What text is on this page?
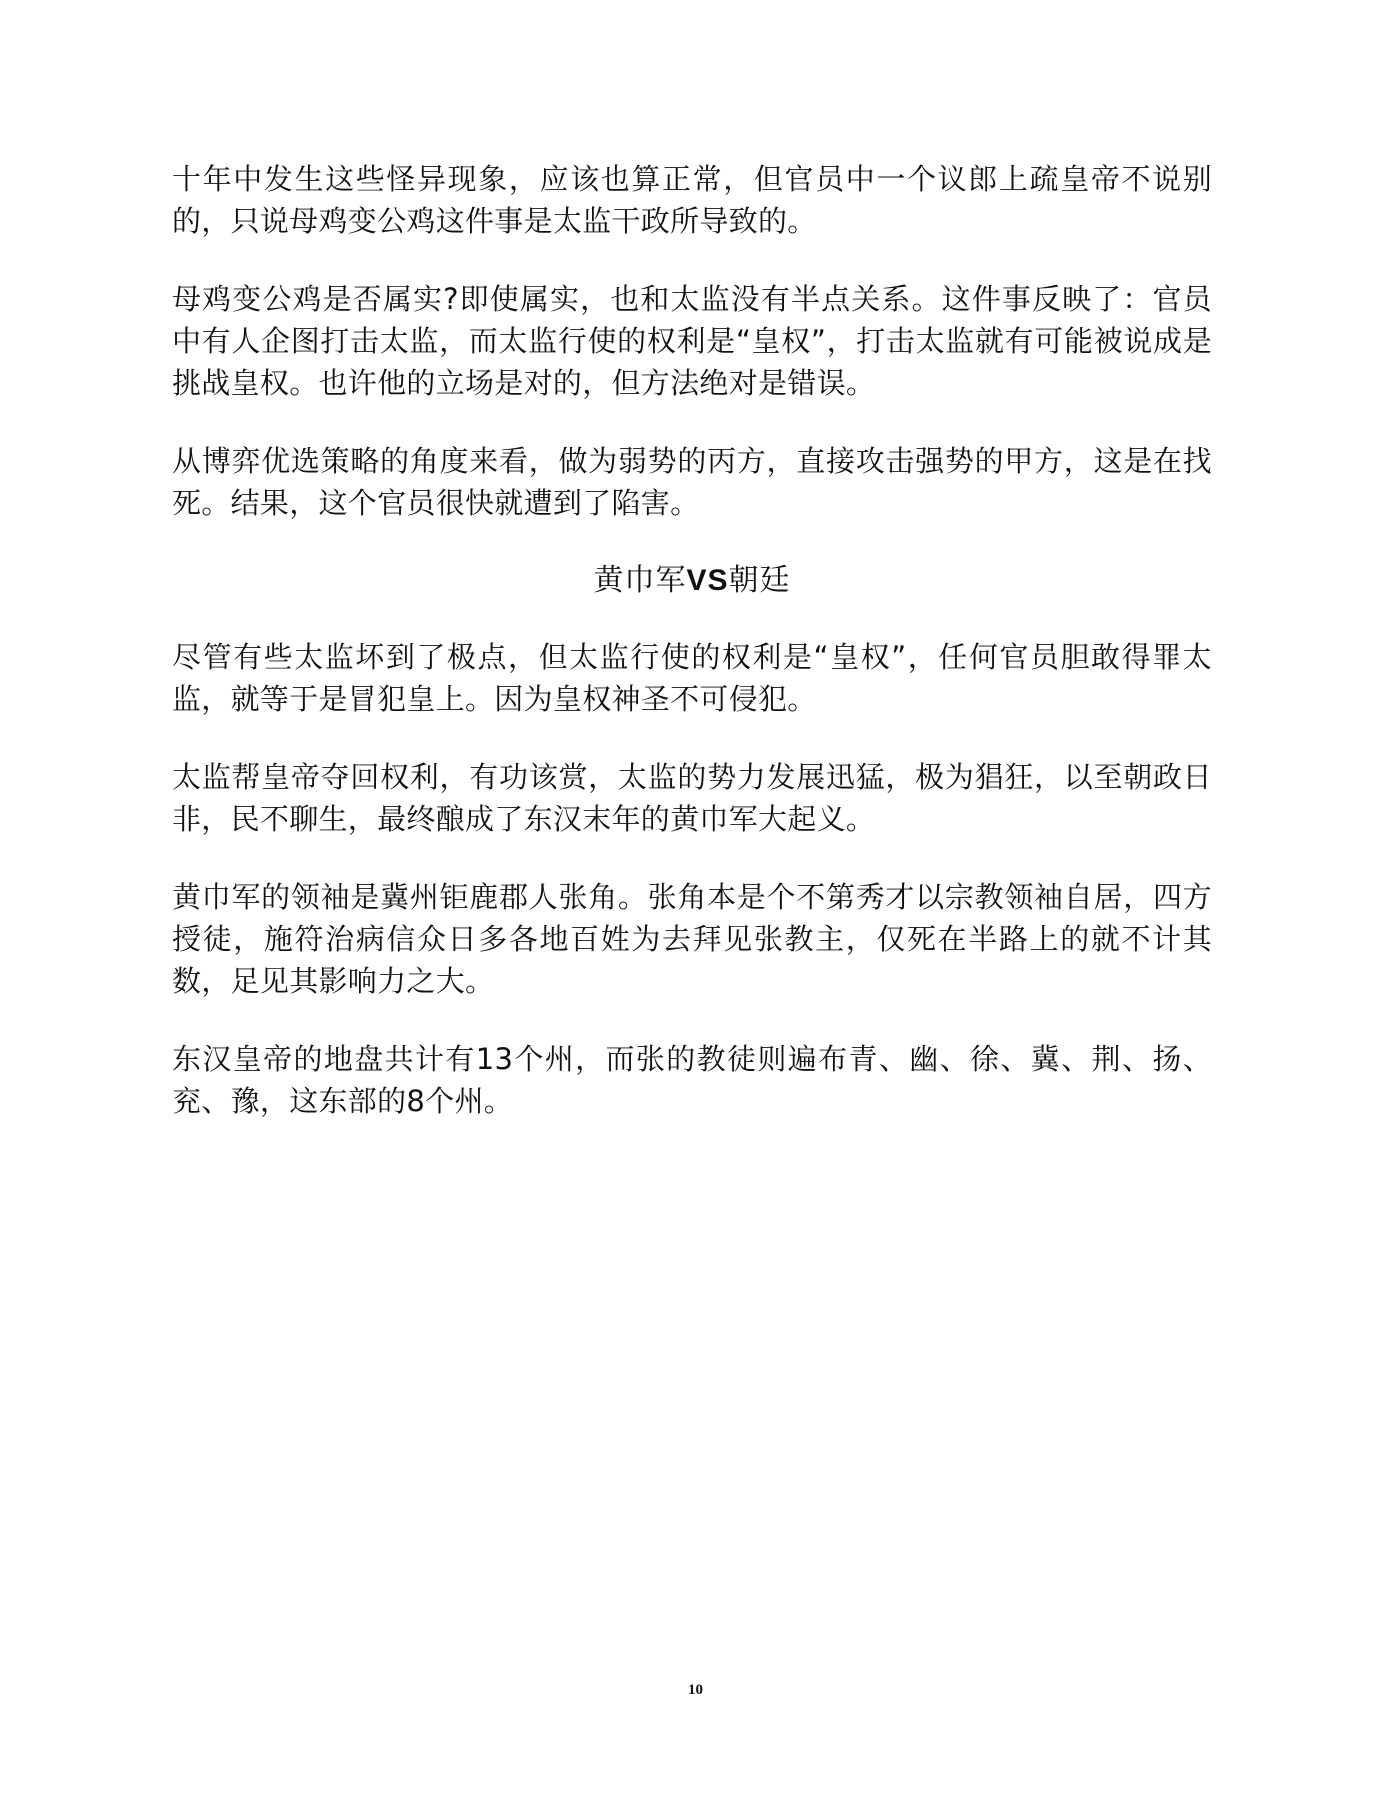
十年中发生这些怪异现象，应该也算正常，但官员中一个议郎上疏皇帝不说别的，只说母鸡变公鸡这件事是太监干政所导致的。

母鸡变公鸡是否属实?即使属实，也和太监没有半点关系。这件事反映了：官员中有人企图打击太监，而太监行使的权利是“皇权”，打击太监就有可能被说成是挑战皇权。也许他的立场是对的，但方法绝对是错误。

从博弈优选策略的角度来看，做为弱势的丙方，直接攻击强势的甲方，这是在找死。结果，这个官员很快就遭到了陷害。

黄巾军VS朝廷

尽管有些太监坏到了极点，但太监行使的权利是“皇权”，任何官员胆敢得罪太监，就等于是冒犯皇上。因为皇权神圣不可侵犯。

太监帮皇帝夺回权利，有功该赏，太监的势力发展迅猛，极为猖狂，以至朝政日非，民不聊生，最终酿成了东汉末年的黄巾军大起义。

黄巾军的领袖是冀州钜鹿郡人张角。张角本是个不第秀才以宗教领袖自居，四方授徒，施符治病信众日多各地百姓为去拜见张教主，仅死在半路上的就不计其数，足见其影响力之大。

东汉皇帝的地盘共计有13个州，而张的教徒则遍布青、幽、徐、冀、荆、扬、兖、豫，这东部的8个州。

10
